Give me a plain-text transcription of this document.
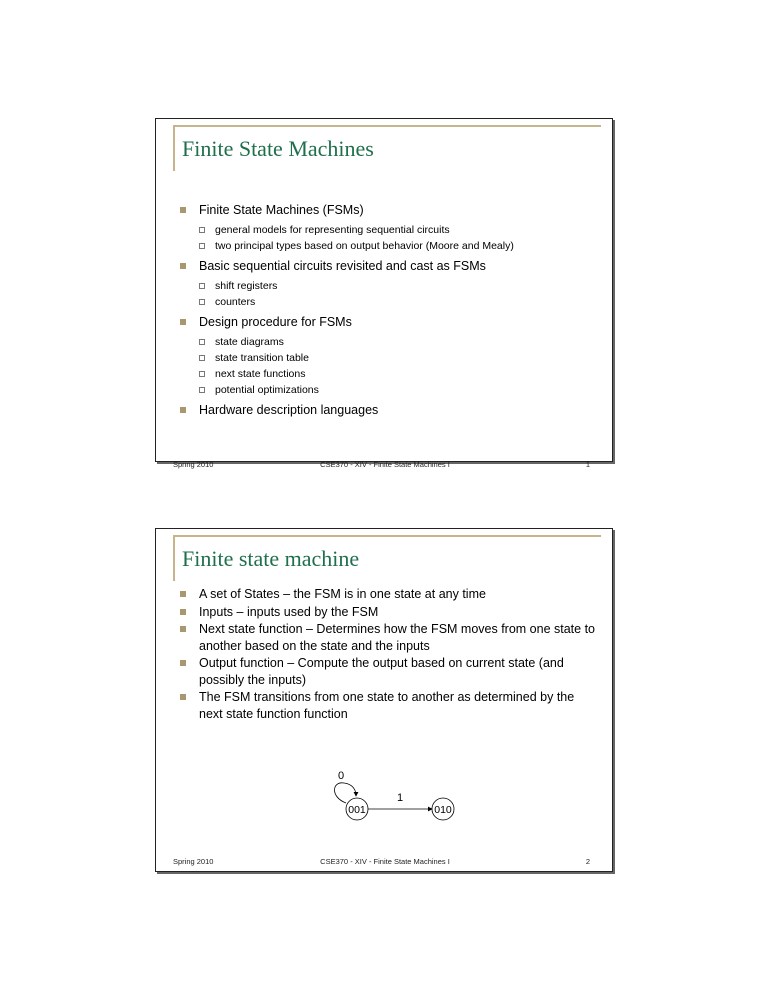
Finite State Machines
Finite State Machines (FSMs)
general models for representing sequential circuits
two principal types based on output behavior (Moore and Mealy)
Basic sequential circuits revisited and cast as FSMs
shift registers
counters
Design procedure for FSMs
state diagrams
state transition table
next state functions
potential optimizations
Hardware description languages
Spring 2010	CSE370 - XIV - Finite State Machines I	1
Finite state machine
A set of States – the FSM is in one state at any time
Inputs – inputs used by the FSM
Next state function – Determines how the FSM moves from one state to another based on the state and the inputs
Output function – Compute the output based on current state (and possibly the inputs)
The FSM transitions from one state to another as determined by the next state function function
0
001
1
010
Spring 2010	CSE370 - XIV - Finite State Machines I	2
